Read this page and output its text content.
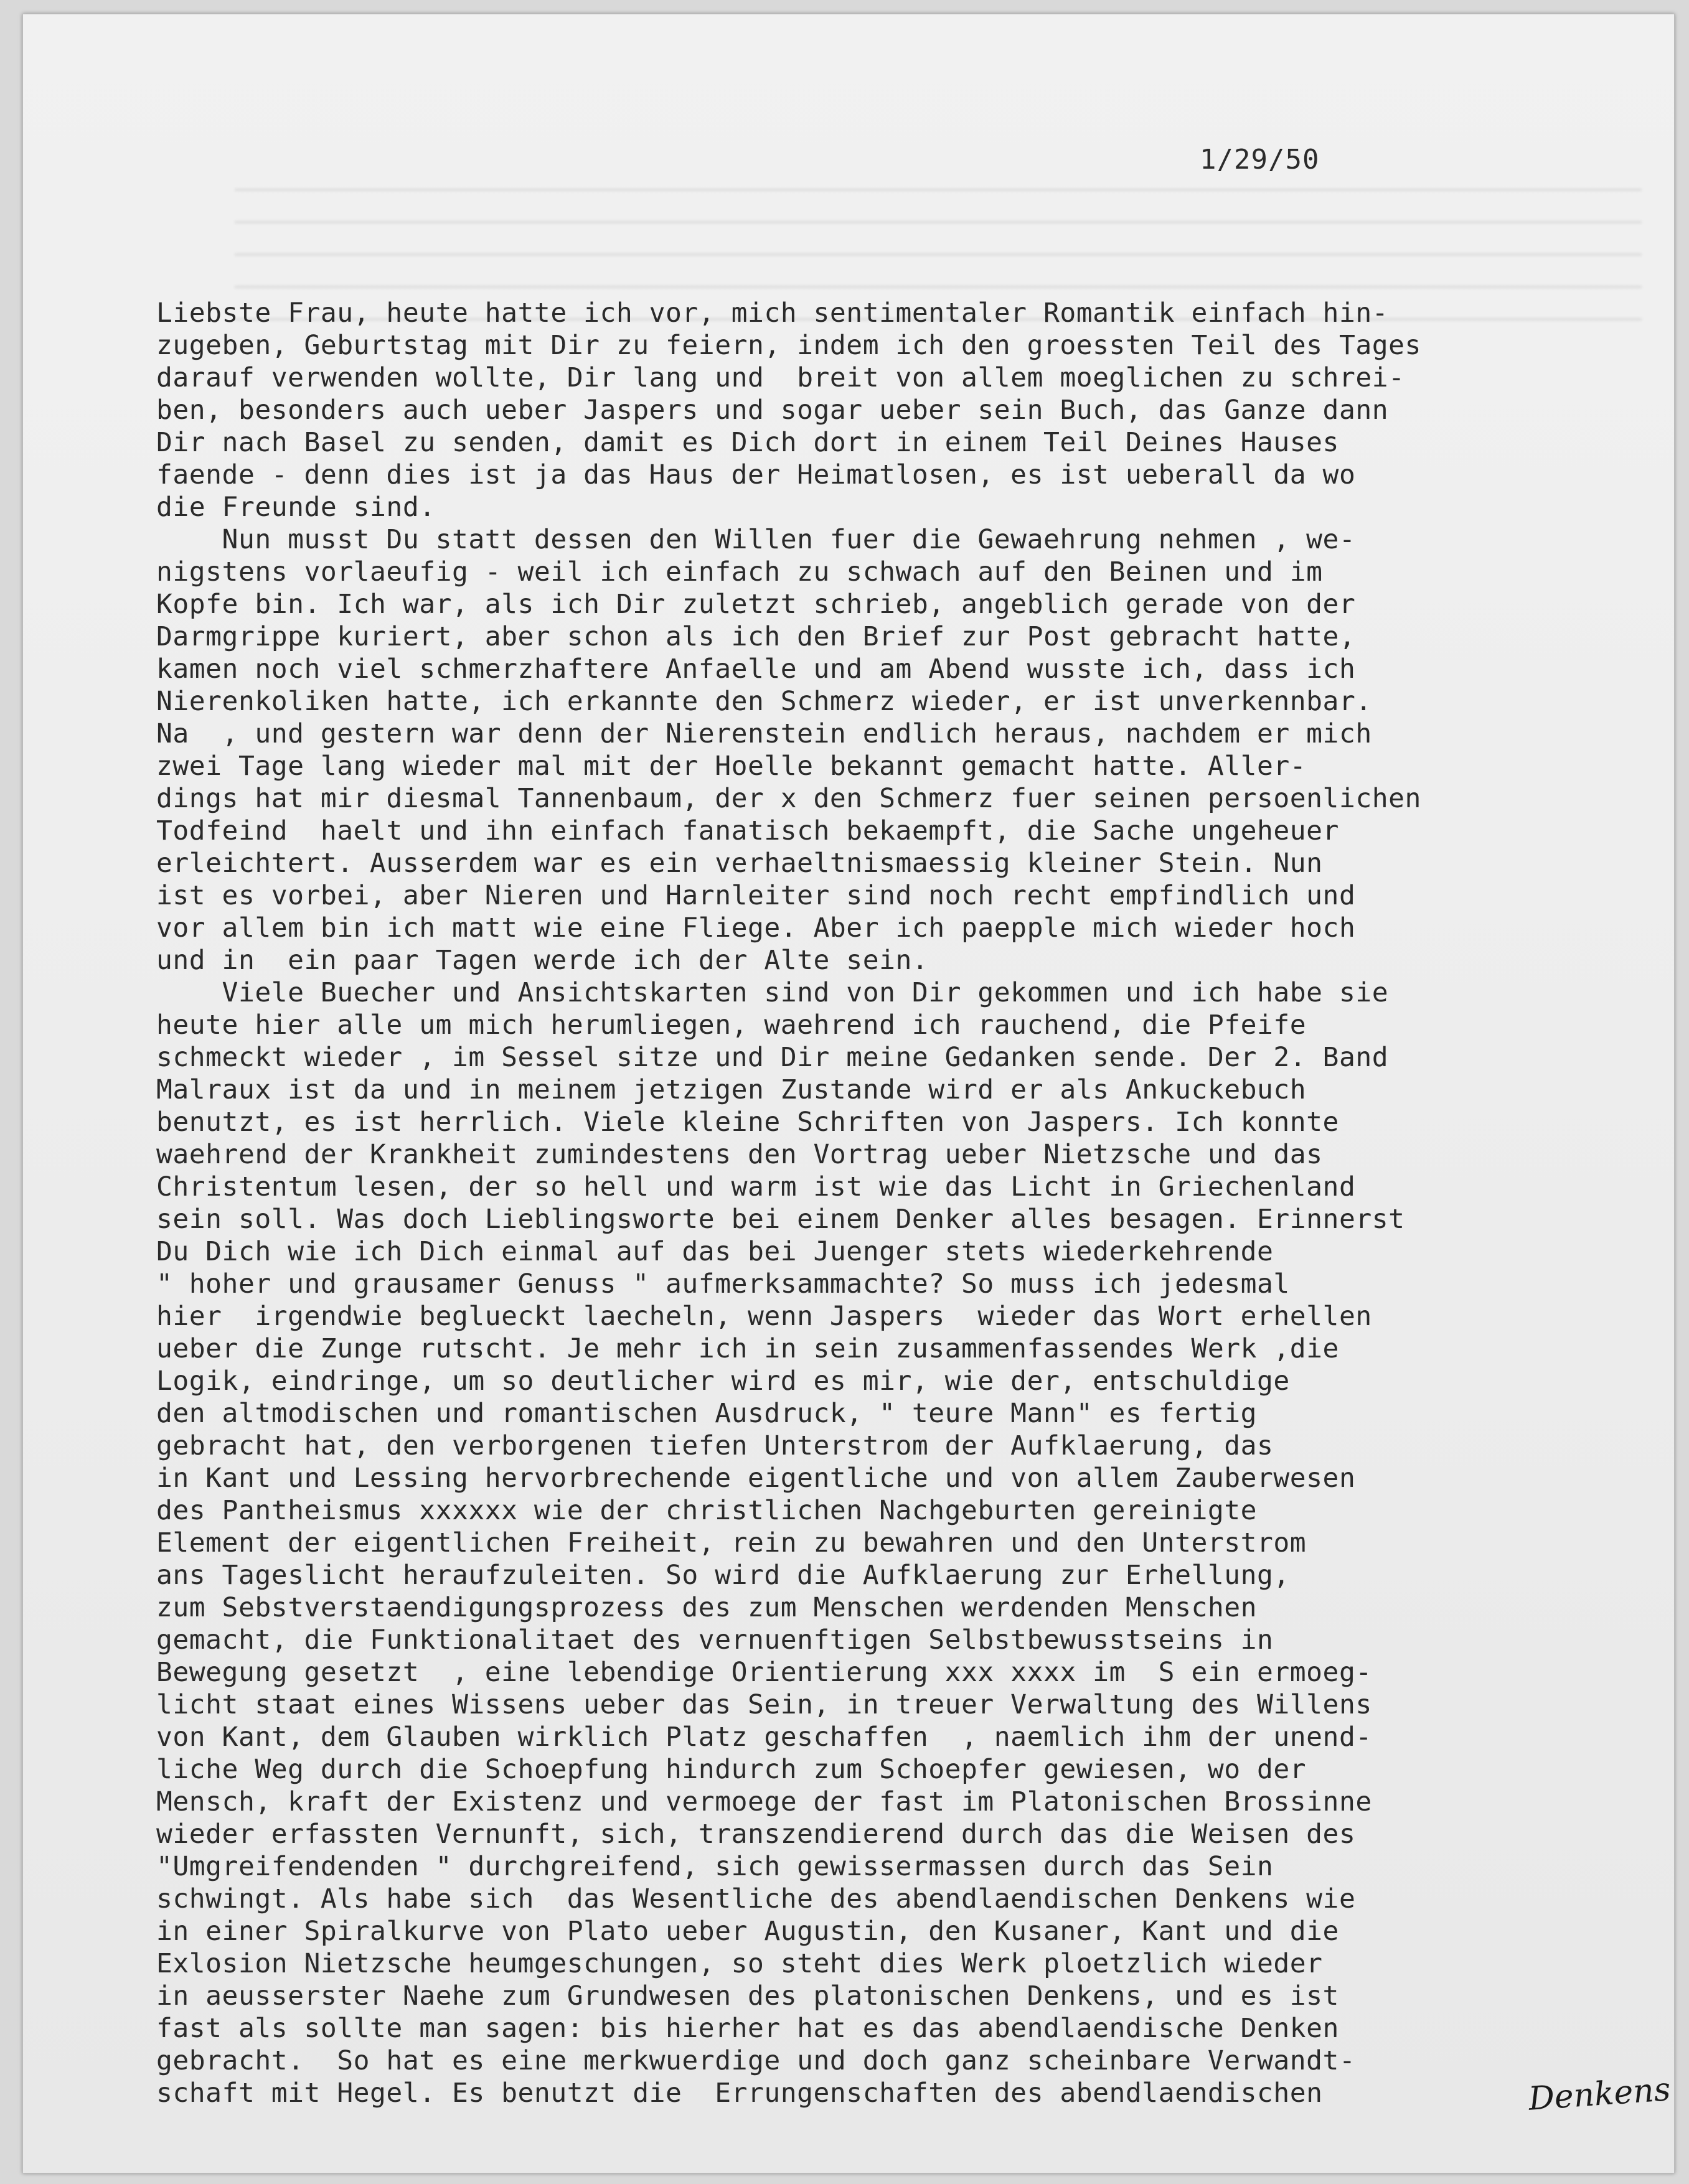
1/29/50
Liebste Frau, heute hatte ich vor, mich sentimentaler Romantik einfach hin-
zugeben, Geburtstag mit Dir zu feiern, indem ich den groessten Teil des Tages
darauf verwenden wollte, Dir lang und  breit von allem moeglichen zu schrei-
ben, besonders auch ueber Jaspers und sogar ueber sein Buch, das Ganze dann
Dir nach Basel zu senden, damit es Dich dort in einem Teil Deines Hauses
faende - denn dies ist ja das Haus der Heimatlosen, es ist ueberall da wo
die Freunde sind.
Nun musst Du statt dessen den Willen fuer die Gewaehrung nehmen , we-
nigstens vorlaeufig - weil ich einfach zu schwach auf den Beinen und im
Kopfe bin. Ich war, als ich Dir zuletzt schrieb, angeblich gerade von der
Darmgrippe kuriert, aber schon als ich den Brief zur Post gebracht hatte,
kamen noch viel schmerzhaftere Anfaelle und am Abend wusste ich, dass ich
Nierenkoliken hatte, ich erkannte den Schmerz wieder, er ist unverkennbar.
Na  , und gestern war denn der Nierenstein endlich heraus, nachdem er mich
zwei Tage lang wieder mal mit der Hoelle bekannt gemacht hatte. Aller-
dings hat mir diesmal Tannenbaum, der x den Schmerz fuer seinen persoenlichen
Todfeind  haelt und ihn einfach fanatisch bekaempft, die Sache ungeheuer
erleichtert. Ausserdem war es ein verhaeltnismaessig kleiner Stein. Nun
ist es vorbei, aber Nieren und Harnleiter sind noch recht empfindlich und
vor allem bin ich matt wie eine Fliege. Aber ich paepple mich wieder hoch
und in  ein paar Tagen werde ich der Alte sein.
Viele Buecher und Ansichtskarten sind von Dir gekommen und ich habe sie
heute hier alle um mich herumliegen, waehrend ich rauchend, die Pfeife
schmeckt wieder , im Sessel sitze und Dir meine Gedanken sende. Der 2. Band
Malraux ist da und in meinem jetzigen Zustande wird er als Ankuckebuch
benutzt, es ist herrlich. Viele kleine Schriften von Jaspers. Ich konnte
waehrend der Krankheit zumindestens den Vortrag ueber Nietzsche und das
Christentum lesen, der so hell und warm ist wie das Licht in Griechenland
sein soll. Was doch Lieblingsworte bei einem Denker alles besagen. Erinnerst
Du Dich wie ich Dich einmal auf das bei Juenger stets wiederkehrende
" hoher und grausamer Genuss " aufmerksammachte? So muss ich jedesmal
hier  irgendwie beglueckt laecheln, wenn Jaspers  wieder das Wort erhellen
ueber die Zunge rutscht. Je mehr ich in sein zusammenfassendes Werk ,die
Logik, eindringe, um so deutlicher wird es mir, wie der, entschuldige
den altmodischen und romantischen Ausdruck, " teure Mann" es fertig
gebracht hat, den verborgenen tiefen Unterstrom der Aufklaerung, das
in Kant und Lessing hervorbrechende eigentliche und von allem Zauberwesen
des Pantheismus xxxxxx wie der christlichen Nachgeburten gereinigte
Element der eigentlichen Freiheit, rein zu bewahren und den Unterstrom
ans Tageslicht heraufzuleiten. So wird die Aufklaerung zur Erhellung,
zum Sebstverstaendigungsprozess des zum Menschen werdenden Menschen
gemacht, die Funktionalitaet des vernuenftigen Selbstbewusstseins in
Bewegung gesetzt  , eine lebendige Orientierung xxx xxxx im  S ein ermoeg-
licht staat eines Wissens ueber das Sein, in treuer Verwaltung des Willens
von Kant, dem Glauben wirklich Platz geschaffen  , naemlich ihm der unend-
liche Weg durch die Schoepfung hindurch zum Schoepfer gewiesen, wo der
Mensch, kraft der Existenz und vermoege der fast im Platonischen Brossinne
wieder erfassten Vernunft, sich, transzendierend durch das die Weisen des
"Umgreifendenden " durchgreifend, sich gewissermassen durch das Sein
schwingt. Als habe sich  das Wesentliche des abendlaendischen Denkens wie
in einer Spiralkurve von Plato ueber Augustin, den Kusaner, Kant und die
Exlosion Nietzsche heumgeschungen, so steht dies Werk ploetzlich wieder
in aeusserster Naehe zum Grundwesen des platonischen Denkens, und es ist
fast als sollte man sagen: bis hierher hat es das abendlaendische Denken
gebracht.  So hat es eine merkwuerdige und doch ganz scheinbare Verwandt-
schaft mit Hegel. Es benutzt die  Errungenschaften des abendlaendischen	Denkens
